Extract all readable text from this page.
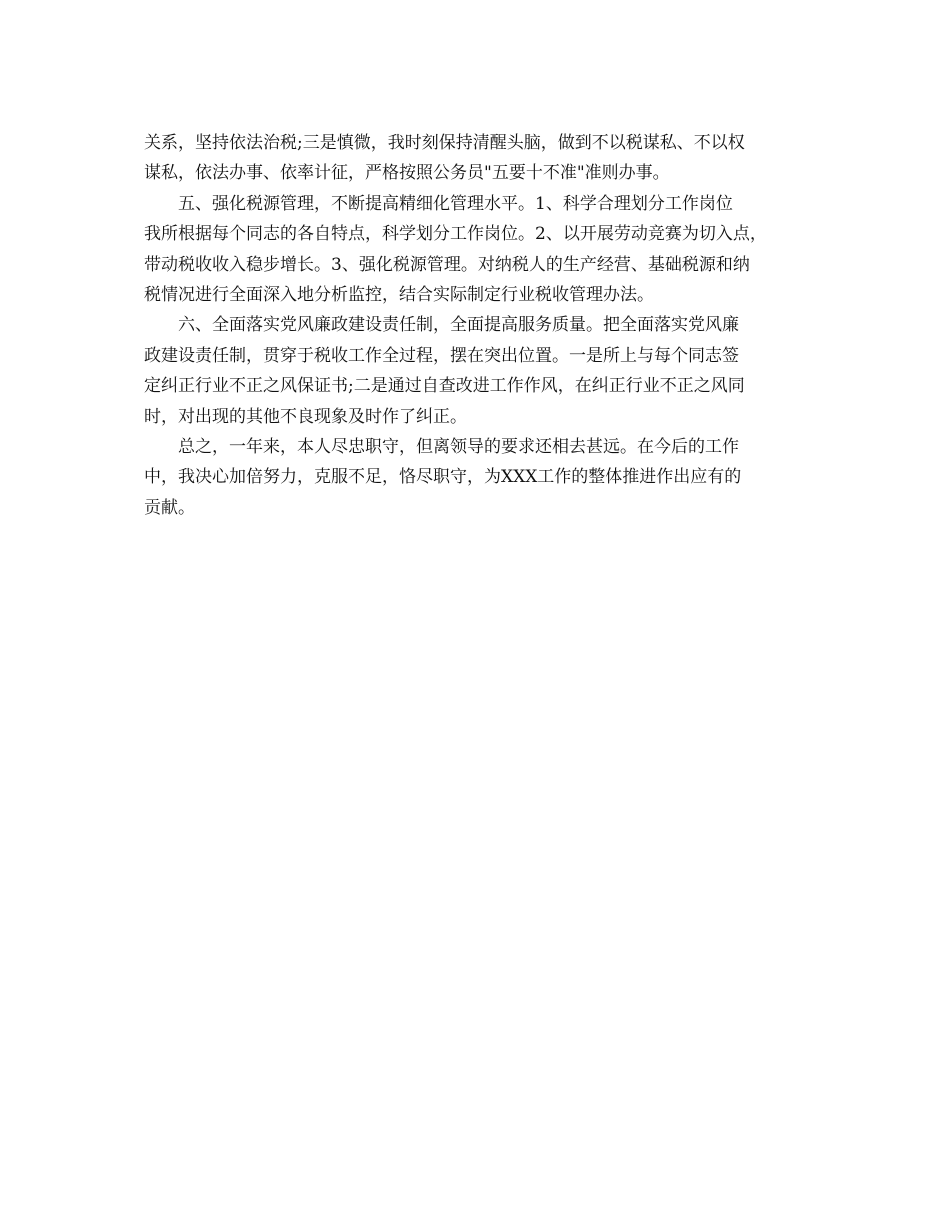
关系，坚持依法治税;三是慎微，我时刻保持清醒头脑，做到不以税谋私、不以权
谋私，依法办事、依率计征，严格按照公务员"五要十不准"准则办事。
五、强化税源管理，不断提高精细化管理水平。1、科学合理划分工作岗位
我所根据每个同志的各自特点，科学划分工作岗位。2、以开展劳动竞赛为切入点，
带动税收收入稳步增长。3、强化税源管理。对纳税人的生产经营、基础税源和纳
税情况进行全面深入地分析监控，结合实际制定行业税收管理办法。
六、全面落实党风廉政建设责任制，全面提高服务质量。把全面落实党风廉
政建设责任制，贯穿于税收工作全过程，摆在突出位置。一是所上与每个同志签
定纠正行业不正之风保证书;二是通过自查改进工作作风，在纠正行业不正之风同
时，对出现的其他不良现象及时作了纠正。
总之，一年来，本人尽忠职守，但离领导的要求还相去甚远。在今后的工作
中，我决心加倍努力，克服不足，恪尽职守，为XXX工作的整体推进作出应有的
贡献。
